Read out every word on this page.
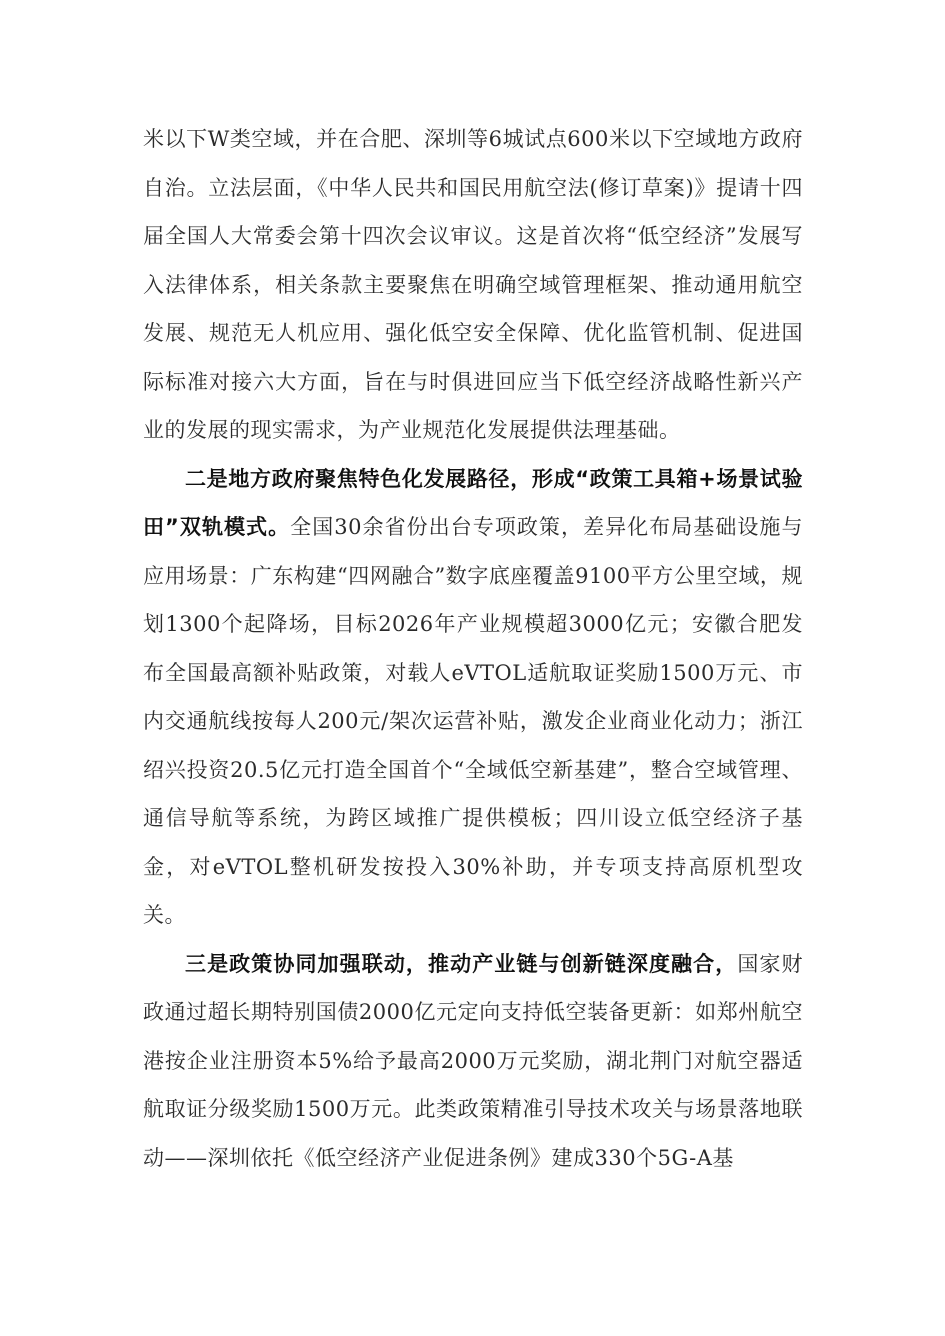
米以下W类空域，并在合肥、深圳等6城试点600米以下空域地方政府自治。立法层面，《中华人民共和国民用航空法(修订草案)》提请十四届全国人大常委会第十四次会议审议。这是首次将“低空经济”发展写入法律体系，相关条款主要聚焦在明确空域管理框架、推动通用航空发展、规范无人机应用、强化低空安全保障、优化监管机制、促进国际标准对接六大方面，旨在与时俱进回应当下低空经济战略性新兴产业的发展的现实需求，为产业规范化发展提供法理基础。

二是地方政府聚焦特色化发展路径，形成“政策工具箱+场景试验田”双轨模式。全国30余省份出台专项政策，差异化布局基础设施与应用场景：广东构建“四网融合”数字底座覆盖9100平方公里空域，规划1300个起降场，目标2026年产业规模超3000亿元；安徽合肥发布全国最高额补贴政策，对载人eVTOL适航取证奖励1500万元、市内交通航线按每人200元/架次运营补贴，激发企业商业化动力；浙江绍兴投资20.5亿元打造全国首个“全域低空新基建”，整合空域管理、通信导航等系统，为跨区域推广提供模板；四川设立低空经济子基金，对eVTOL整机研发按投入30%补助，并专项支持高原机型攻关。

三是政策协同加强联动，推动产业链与创新链深度融合，国家财政通过超长期特别国债2000亿元定向支持低空装备更新：如郑州航空港按企业注册资本5%给予最高2000万元奖励，湖北荆门对航空器适航取证分级奖励1500万元。此类政策精准引导技术攻关与场景落地联动——深圳依托《低空经济产业促进条例》建成330个5G-A基
